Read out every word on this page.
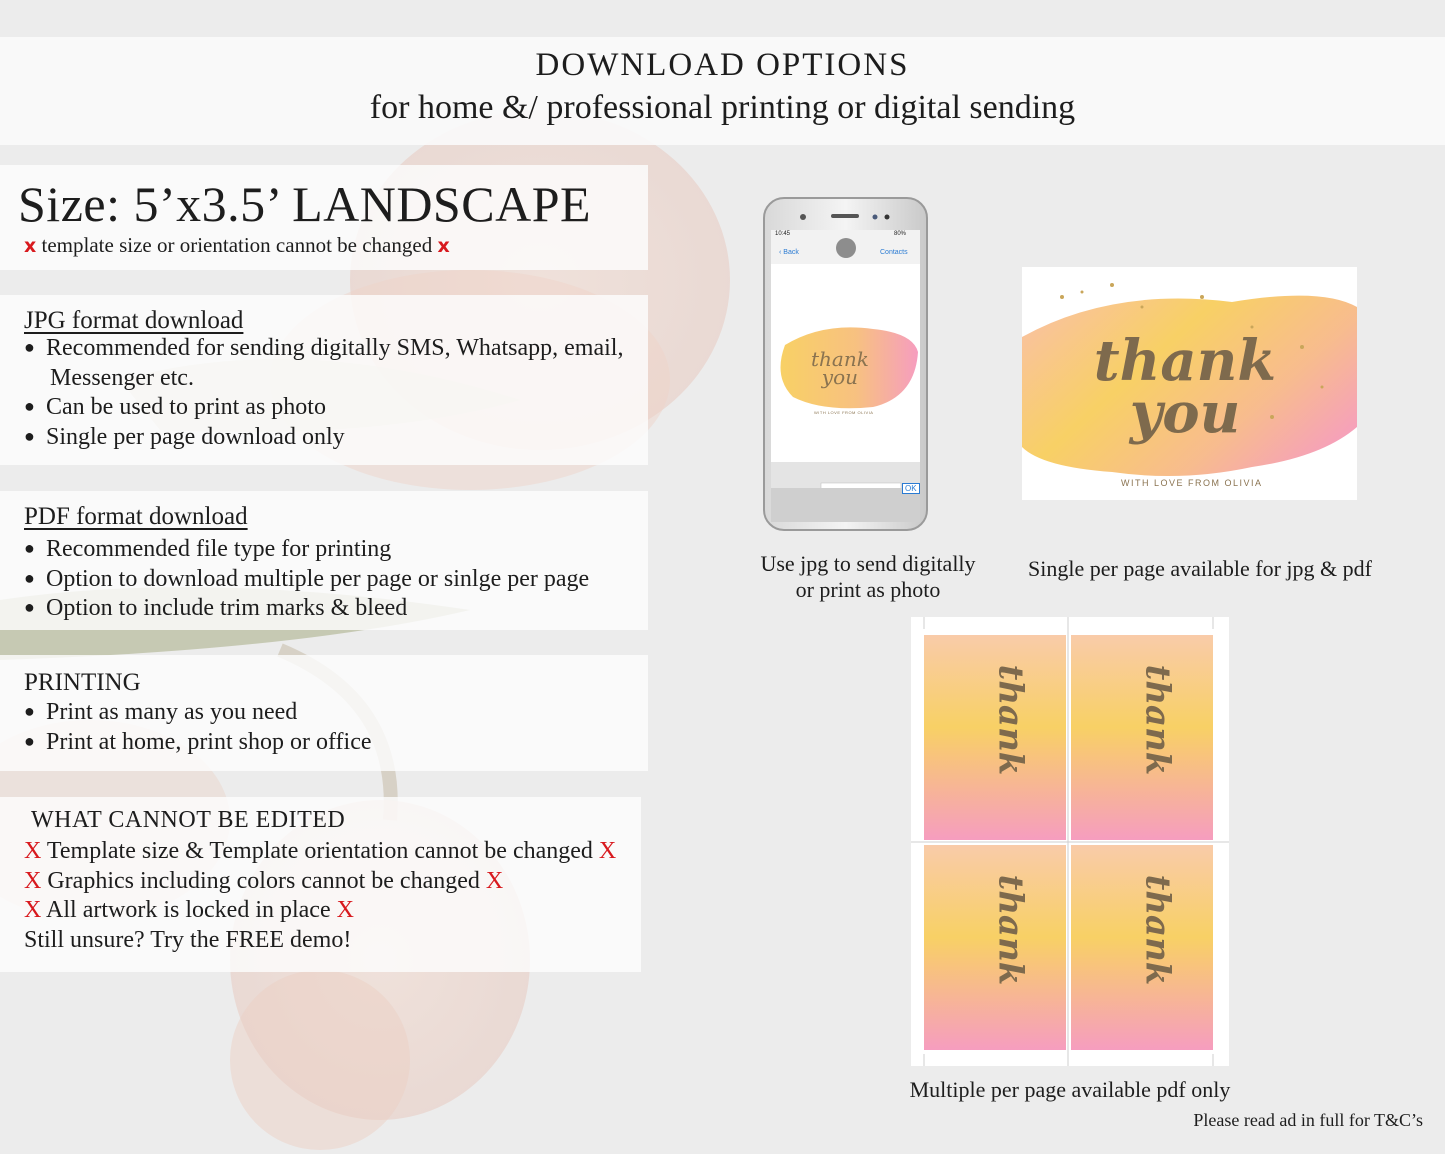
DOWNLOAD OPTIONS
for home &/ professional printing or digital sending
Size: 5’x3.5’ LANDSCAPE
x template size or orientation cannot be changed x
JPG format download
● Recommended for sending digitally SMS, Whatsapp, email,
Messenger etc.
● Can be used to print as photo
● Single per page download only
PDF format download
● Recommended file type for printing
● Option to download multiple per page or sinlge per page
● Option to include trim marks & bleed
PRINTING
● Print as many as you need
● Print at home, print shop or office
WHAT CANNOT BE EDITED
X Template size & Template orientation cannot be changed X
X Graphics including colors cannot be changed X
X All artwork is locked in place X
Still unsure? Try the FREE demo!
10:45	80%
‹ Back	Contacts
thank
you
WITH LOVE FROM OLIVIA
OK
thank
you
WITH LOVE FROM OLIVIA
thank	thank
thank	thank
Use jpg to send digitally
or print as photo
Single per page available for jpg & pdf
Multiple per page available pdf only
Please read ad in full for T&C’s
